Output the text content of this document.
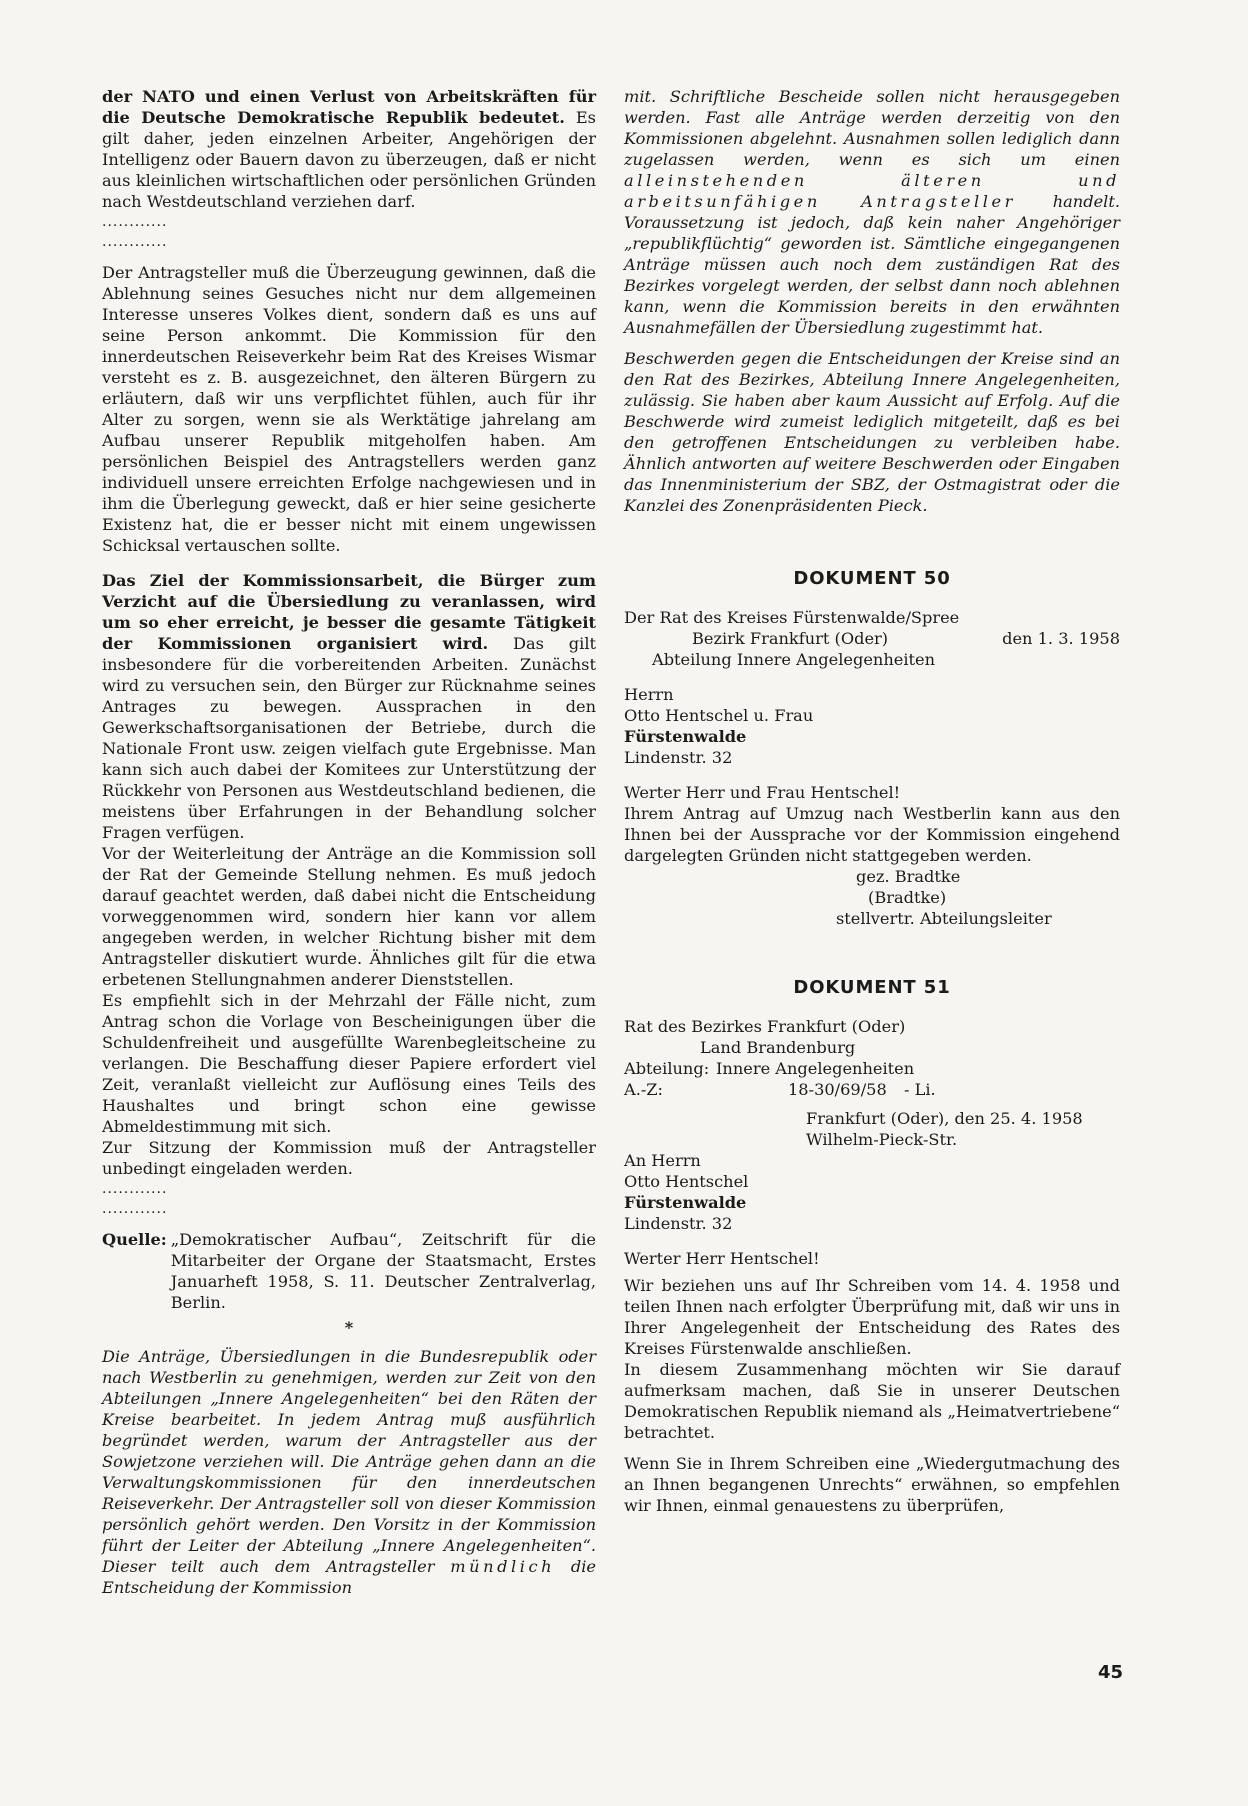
der NATO und einen Verlust von Arbeitskräften für die Deutsche Demokratische Republik bedeutet. Es gilt daher, jeden einzelnen Arbeiter, Angehörigen der Intelligenz oder Bauern davon zu überzeugen, daß er nicht aus kleinlichen wirtschaftlichen oder persönlichen Gründen nach Westdeutschland verziehen darf.

............

............

Der Antragsteller muß die Überzeugung gewinnen, daß die Ablehnung seines Gesuches nicht nur dem allgemeinen Interesse unseres Volkes dient, sondern daß es uns auf seine Person ankommt. Die Kommission für den innerdeutschen Reiseverkehr beim Rat des Kreises Wismar versteht es z. B. ausgezeichnet, den älteren Bürgern zu erläutern, daß wir uns verpflichtet fühlen, auch für ihr Alter zu sorgen, wenn sie als Werktätige jahrelang am Aufbau unserer Republik mitgeholfen haben. Am persönlichen Beispiel des Antragstellers werden ganz individuell unsere erreichten Erfolge nachgewiesen und in ihm die Überlegung geweckt, daß er hier seine gesicherte Existenz hat, die er besser nicht mit einem ungewissen Schicksal vertauschen sollte.

Das Ziel der Kommissionsarbeit, die Bürger zum Verzicht auf die Übersiedlung zu veranlassen, wird um so eher erreicht, je besser die gesamte Tätigkeit der Kommissionen organisiert wird. Das gilt insbesondere für die vorbereitenden Arbeiten. Zunächst wird zu versuchen sein, den Bürger zur Rücknahme seines Antrages zu bewegen. Aussprachen in den Gewerkschaftsorganisationen der Betriebe, durch die Nationale Front usw. zeigen vielfach gute Ergebnisse. Man kann sich auch dabei der Komitees zur Unterstützung der Rückkehr von Personen aus Westdeutschland bedienen, die meistens über Erfahrungen in der Behandlung solcher Fragen verfügen.

Vor der Weiterleitung der Anträge an die Kommission soll der Rat der Gemeinde Stellung nehmen. Es muß jedoch darauf geachtet werden, daß dabei nicht die Entscheidung vorweggenommen wird, sondern hier kann vor allem angegeben werden, in welcher Richtung bisher mit dem Antragsteller diskutiert wurde. Ähnliches gilt für die etwa erbetenen Stellungnahmen anderer Dienststellen.

Es empfiehlt sich in der Mehrzahl der Fälle nicht, zum Antrag schon die Vorlage von Bescheinigungen über die Schuldenfreiheit und ausgefüllte Warenbegleitscheine zu verlangen. Die Beschaffung dieser Papiere erfordert viel Zeit, veranlaßt vielleicht zur Auflösung eines Teils des Haushaltes und bringt schon eine gewisse Abmeldestimmung mit sich.

Zur Sitzung der Kommission muß der Antragsteller unbedingt eingeladen werden.

............

............

Quelle: „Demokratischer Aufbau“, Zeitschrift für die Mitarbeiter der Organe der Staatsmacht, Erstes Januarheft 1958, S. 11. Deutscher Zentralverlag, Berlin.

*

Die Anträge, Übersiedlungen in die Bundesrepublik oder nach Westberlin zu genehmigen, werden zur Zeit von den Abteilungen „Innere Angelegenheiten“ bei den Räten der Kreise bearbeitet. In jedem Antrag muß ausführlich begründet werden, warum der Antragsteller aus der Sowjetzone verziehen will. Die Anträge gehen dann an die Verwaltungskommissionen für den innerdeutschen Reiseverkehr. Der Antragsteller soll von dieser Kommission persönlich gehört werden. Den Vorsitz in der Kommission führt der Leiter der Abteilung „Innere Angelegenheiten“. Dieser teilt auch dem Antragsteller mündlich die Entscheidung der Kommission

mit. Schriftliche Bescheide sollen nicht herausgegeben werden. Fast alle Anträge werden derzeitig von den Kommissionen abgelehnt. Ausnahmen sollen lediglich dann zugelassen werden, wenn es sich um einen alleinstehenden älteren und arbeitsunfähigen Antragsteller handelt. Voraussetzung ist jedoch, daß kein naher Angehöriger „republikflüchtig“ geworden ist. Sämtliche eingegangenen Anträge müssen auch noch dem zuständigen Rat des Bezirkes vorgelegt werden, der selbst dann noch ablehnen kann, wenn die Kommission bereits in den erwähnten Ausnahmefällen der Übersiedlung zugestimmt hat.

Beschwerden gegen die Entscheidungen der Kreise sind an den Rat des Bezirkes, Abteilung Innere Angelegenheiten, zulässig. Sie haben aber kaum Aussicht auf Erfolg. Auf die Beschwerde wird zumeist lediglich mitgeteilt, daß es bei den getroffenen Entscheidungen zu verbleiben habe. Ähnlich antworten auf weitere Beschwerden oder Eingaben das Innenministerium der SBZ, der Ostmagistrat oder die Kanzlei des Zonenpräsidenten Pieck.

DOKUMENT 50

Der Rat des Kreises Fürstenwalde/Spree
Bezirk Frankfurt (Oder)	den 1. 3. 1958
Abteilung Innere Angelegenheiten
Herrn
Otto Hentschel u. Frau
Fürstenwalde
Lindenstr. 32

Werter Herr und Frau Hentschel!

Ihrem Antrag auf Umzug nach Westberlin kann aus den Ihnen bei der Aussprache vor der Kommission eingehend dargelegten Gründen nicht stattgegeben werden.

gez. Bradtke
(Bradtke)
stellvertr. Abteilungsleiter

DOKUMENT 51

Rat des Bezirkes Frankfurt (Oder)
Land Brandenburg
Abteilung: Innere Angelegenheiten
A.-Z:	18-30/69/58 - Li.
Frankfurt (Oder), den 25. 4. 1958
Wilhelm-Pieck-Str.
An Herrn
Otto Hentschel
Fürstenwalde
Lindenstr. 32

Werter Herr Hentschel!

Wir beziehen uns auf Ihr Schreiben vom 14. 4. 1958 und teilen Ihnen nach erfolgter Überprüfung mit, daß wir uns in Ihrer Angelegenheit der Entscheidung des Rates des Kreises Fürstenwalde anschließen.

In diesem Zusammenhang möchten wir Sie darauf aufmerksam machen, daß Sie in unserer Deutschen Demokratischen Republik niemand als „Heimatvertriebene“ betrachtet.

Wenn Sie in Ihrem Schreiben eine „Wiedergutmachung des an Ihnen begangenen Unrechts“ erwähnen, so empfehlen wir Ihnen, einmal genauestens zu überprüfen,

45
